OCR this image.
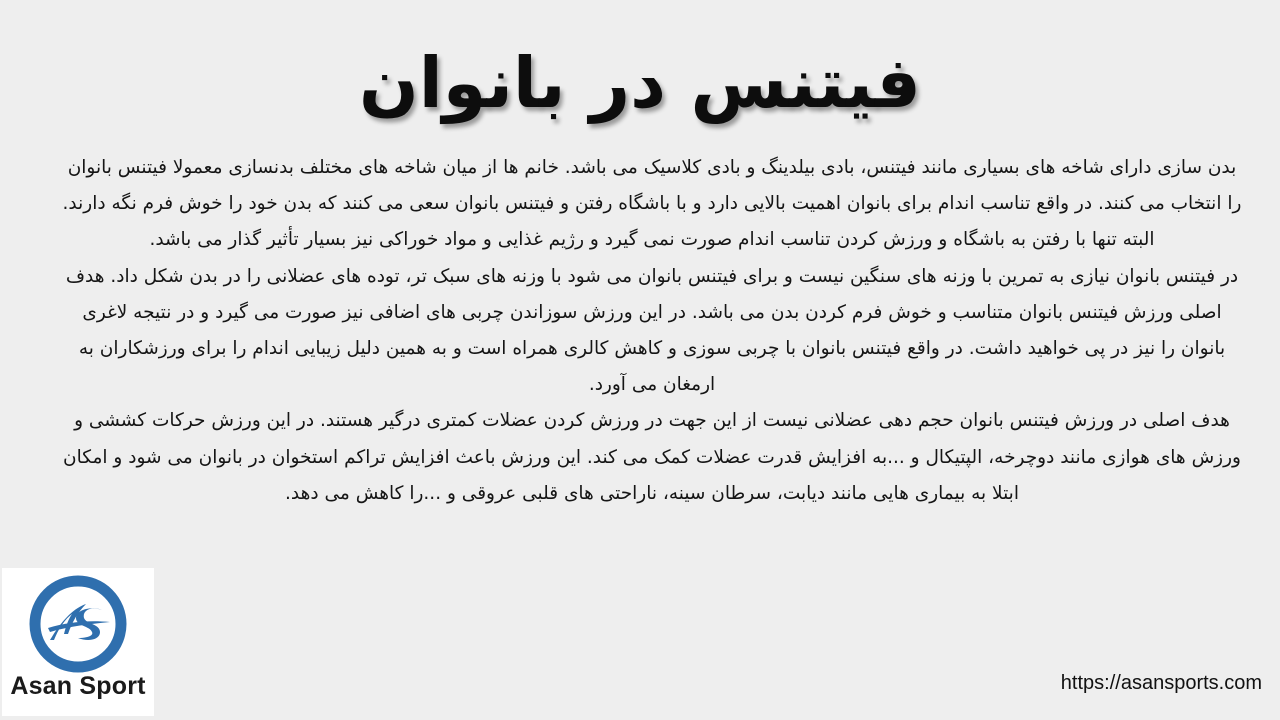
فیتنس در بانوان

بدن سازی دارای شاخه های بسیاری مانند فیتنس، بادی بیلدینگ و بادی کلاسیک می باشد. خانم ها از میان شاخه های مختلف بدنسازی معمولا فیتنس بانوان را انتخاب می کنند. در واقع تناسب اندام برای بانوان اهمیت بالایی دارد و با باشگاه رفتن و فیتنس بانوان سعی می کنند که بدن خود را خوش فرم نگه دارند. البته تنها با رفتن به باشگاه و ورزش کردن تناسب اندام صورت نمی گیرد و رژیم غذایی و مواد خوراکی نیز بسیار تأثیر گذار می باشد.

در فیتنس بانوان نیازی به تمرین با وزنه های سنگین نیست و برای فیتنس بانوان می شود با وزنه های سبک تر، توده های عضلانی را در بدن شکل داد. هدف اصلی ورزش فیتنس بانوان متناسب و خوش فرم کردن بدن می باشد. در این ورزش سوزاندن چربی های اضافی نیز صورت می گیرد و در نتیجه لاغری بانوان را نیز در پی خواهید داشت. در واقع فیتنس بانوان با چربی سوزی و کاهش کالری همراه است و به همین دلیل زیبایی اندام را برای ورزشکاران به ارمغان می آورد.

هدف اصلی در ورزش فیتنس بانوان حجم دهی عضلانی نیست از این جهت در ورزش کردن عضلات کمتری درگیر هستند. در این ورزش حرکات کششی و ورزش های هوازی مانند دوچرخه، الپتیکال و ...به افزایش قدرت عضلات کمک می کند. این ورزش باعث افزایش تراکم استخوان در بانوان می شود و امکان ابتلا به بیماری هایی مانند دیابت، سرطان سینه، ناراحتی های قلبی عروقی و ...را کاهش می دهد.

Asan Sport	https://asansports.com
